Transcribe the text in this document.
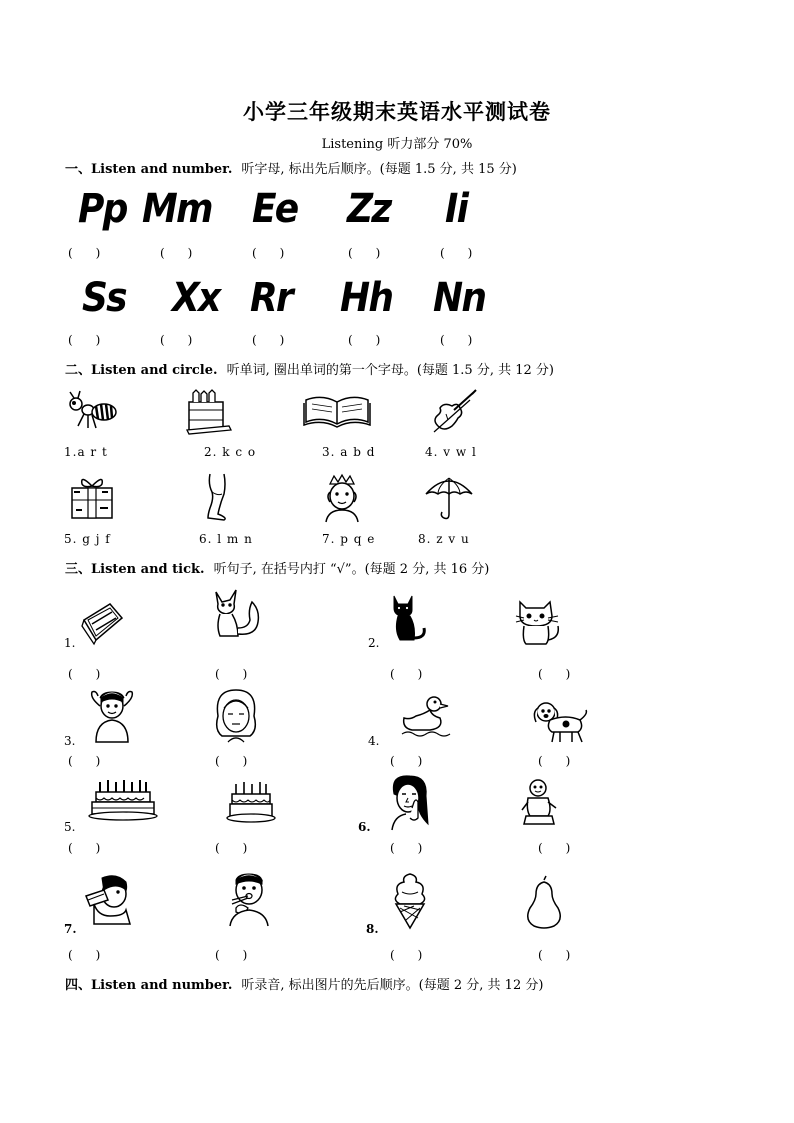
小学三年级期末英语水平测试卷
Listening 听力部分 70%
一、Listen and number. 听字母, 标出先后顺序。(每题 1.5 分, 共 15 分)
Pp Mm Ee Zz Ii
(      )	(      )	(      )	(      )	(      )
Ss Xx Rr Hh Nn
(      )	(      )	(      )	(      )	(      )
二、Listen and circle. 听单词, 圈出单词的第一个字母。(每题 1.5 分, 共 12 分)
1.a r t	2. k c o	3. a b d	4. v w l
5. g j f	6. l m n	7. p q e	8. z v u
三、Listen and tick. 听句子, 在括号内打 “√”。(每题 2 分, 共 16 分)
1.	2.
(      )	(      )	(      )	(      )
3.	4.
(      )	(      )	(      )	(      )
5.	6.
(      )	(      )	(      )	(      )
7.	8.
(      )	(      )	(      )	(      )
四、Listen and number. 听录音, 标出图片的先后顺序。(每题 2 分, 共 12 分)
